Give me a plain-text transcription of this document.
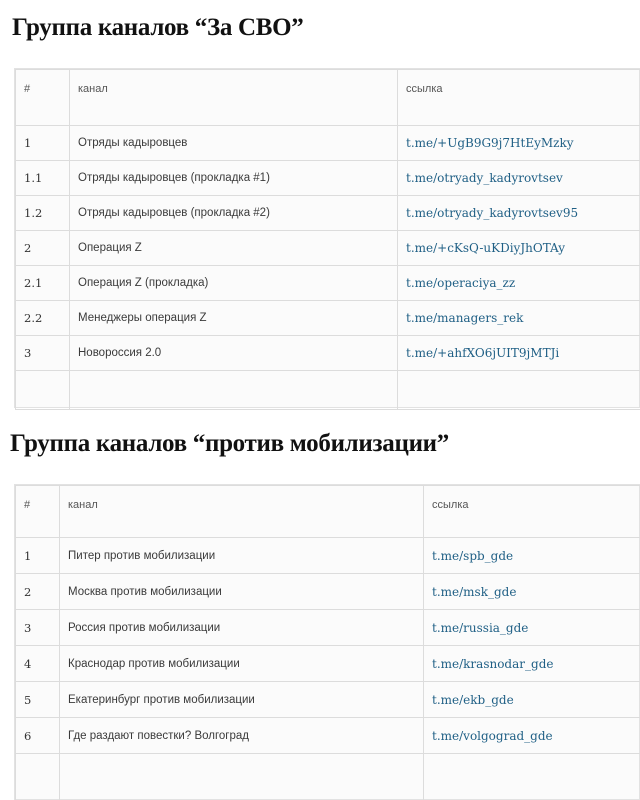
Группа каналов “За СВО”
#	канал	ссылка
1	Отряды кадыровцев	t.me/+UgB9G9j7HtEyMzky
1.1	Отряды кадыровцев (прокладка #1)	t.me/otryady_kadyrovtsev
1.2	Отряды кадыровцев (прокладка #2)	t.me/otryady_kadyrovtsev95
2	Операция Z	t.me/+cKsQ-uKDiyJhOTAy
2.1	Операция Z (прокладка)	t.me/operaciya_zz
2.2	Менеджеры операция Z	t.me/managers_rek
3	Новороссия 2.0	t.me/+ahfXO6jUIT9jMTJi

Группа каналов “против мобилизации”
#	канал	ссылка
1	Питер против мобилизации	t.me/spb_gde
2	Москва против мобилизации	t.me/msk_gde
3	Россия против мобилизации	t.me/russia_gde
4	Краснодар против мобилизации	t.me/krasnodar_gde
5	Екатеринбург против мобилизации	t.me/ekb_gde
6	Где раздают повестки? Волгоград	t.me/volgograd_gde
